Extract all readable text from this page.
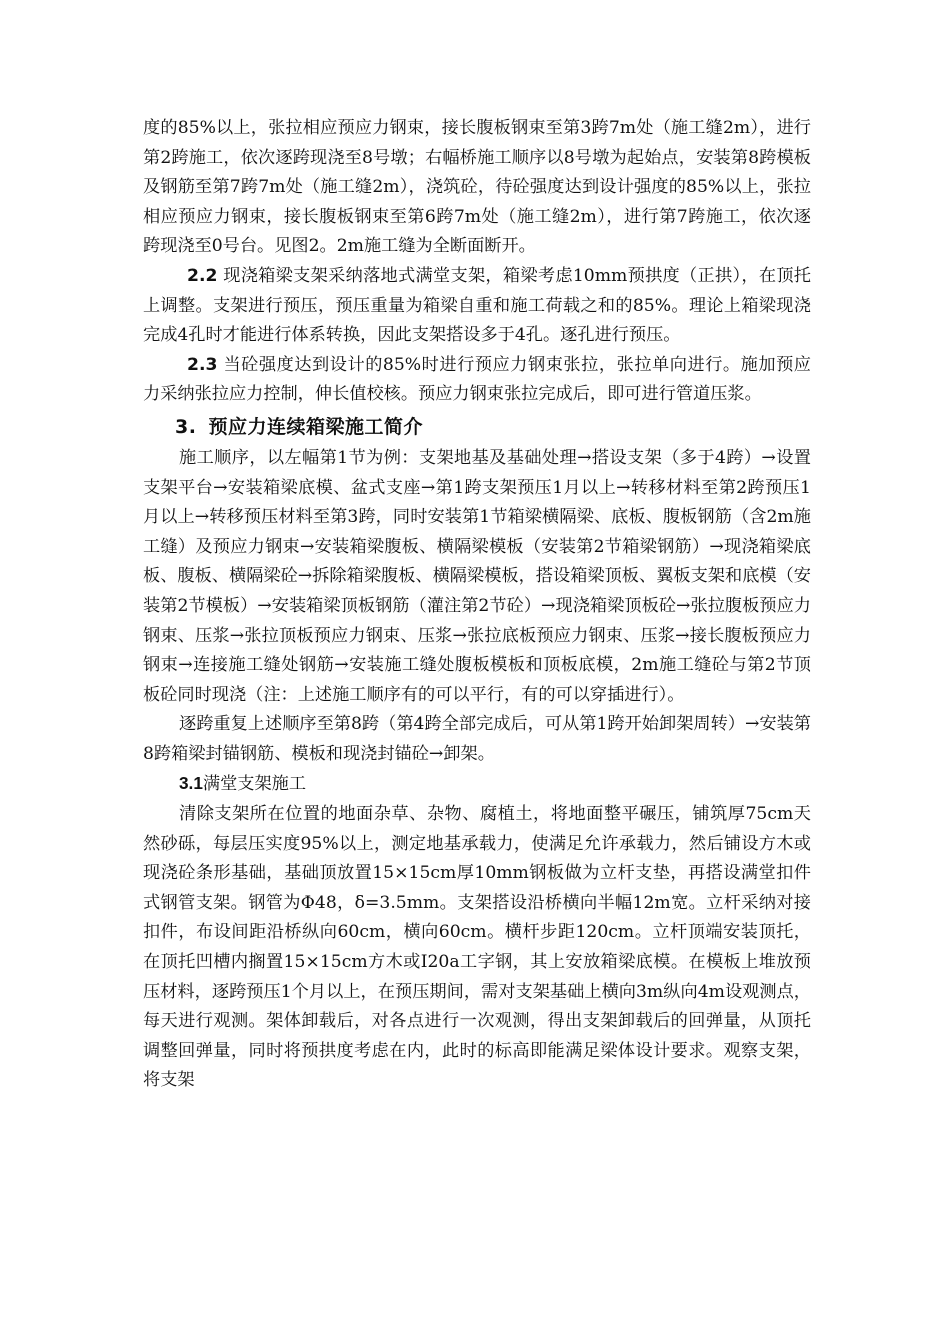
度的85%以上，张拉相应预应力钢束，接长腹板钢束至第3跨7m处（施工缝2m），进行第2跨施工，依次逐跨现浇至8号墩；右幅桥施工顺序以8号墩为起始点，安装第8跨模板及钢筋至第7跨7m处（施工缝2m），浇筑砼，待砼强度达到设计强度的85%以上，张拉相应预应力钢束，接长腹板钢束至第6跨7m处（施工缝2m），进行第7跨施工，依次逐跨现浇至0号台。见图2。2m施工缝为全断面断开。

2.2 现浇箱梁支架采纳落地式满堂支架，箱梁考虑10mm预拱度（正拱），在顶托上调整。支架进行预压，预压重量为箱梁自重和施工荷载之和的85%。理论上箱梁现浇完成4孔时才能进行体系转换，因此支架搭设多于4孔。逐孔进行预压。

2.3 当砼强度达到设计的85%时进行预应力钢束张拉，张拉单向进行。施加预应力采纳张拉应力控制，伸长值校核。预应力钢束张拉完成后，即可进行管道压浆。

3. 预应力连续箱梁施工简介

施工顺序，以左幅第1节为例：支架地基及基础处理→搭设支架（多于4跨）→设置支架平台→安装箱梁底模、盆式支座→第1跨支架预压1月以上→转移材料至第2跨预压1月以上→转移预压材料至第3跨，同时安装第1节箱梁横隔梁、底板、腹板钢筋（含2m施工缝）及预应力钢束→安装箱梁腹板、横隔梁模板（安装第2节箱梁钢筋）→现浇箱梁底板、腹板、横隔梁砼→拆除箱梁腹板、横隔梁模板，搭设箱梁顶板、翼板支架和底模（安装第2节模板）→安装箱梁顶板钢筋（灌注第2节砼）→现浇箱梁顶板砼→张拉腹板预应力钢束、压浆→张拉顶板预应力钢束、压浆→张拉底板预应力钢束、压浆→接长腹板预应力钢束→连接施工缝处钢筋→安装施工缝处腹板模板和顶板底模，2m施工缝砼与第2节顶板砼同时现浇（注：上述施工顺序有的可以平行，有的可以穿插进行）。

逐跨重复上述顺序至第8跨（第4跨全部完成后，可从第1跨开始卸架周转）→安装第8跨箱梁封锚钢筋、模板和现浇封锚砼→卸架。

3.1满堂支架施工

清除支架所在位置的地面杂草、杂物、腐植土，将地面整平碾压，铺筑厚75cm天然砂砾，每层压实度95%以上，测定地基承载力，使满足允许承载力，然后铺设方木或现浇砼条形基础，基础顶放置15×15cm厚10mm钢板做为立杆支垫，再搭设满堂扣件式钢管支架。钢管为Φ48，δ=3.5mm。支架搭设沿桥横向半幅12m宽。立杆采纳对接扣件，布设间距沿桥纵向60cm，横向60cm。横杆步距120cm。立杆顶端安装顶托，在顶托凹槽内搁置15×15cm方木或I20a工字钢，其上安放箱梁底模。在模板上堆放预压材料，逐跨预压1个月以上，在预压期间，需对支架基础上横向3m纵向4m设观测点，每天进行观测。架体卸载后，对各点进行一次观测，得出支架卸载后的回弹量，从顶托调整回弹量，同时将预拱度考虑在内，此时的标高即能满足梁体设计要求。观察支架，将支架
